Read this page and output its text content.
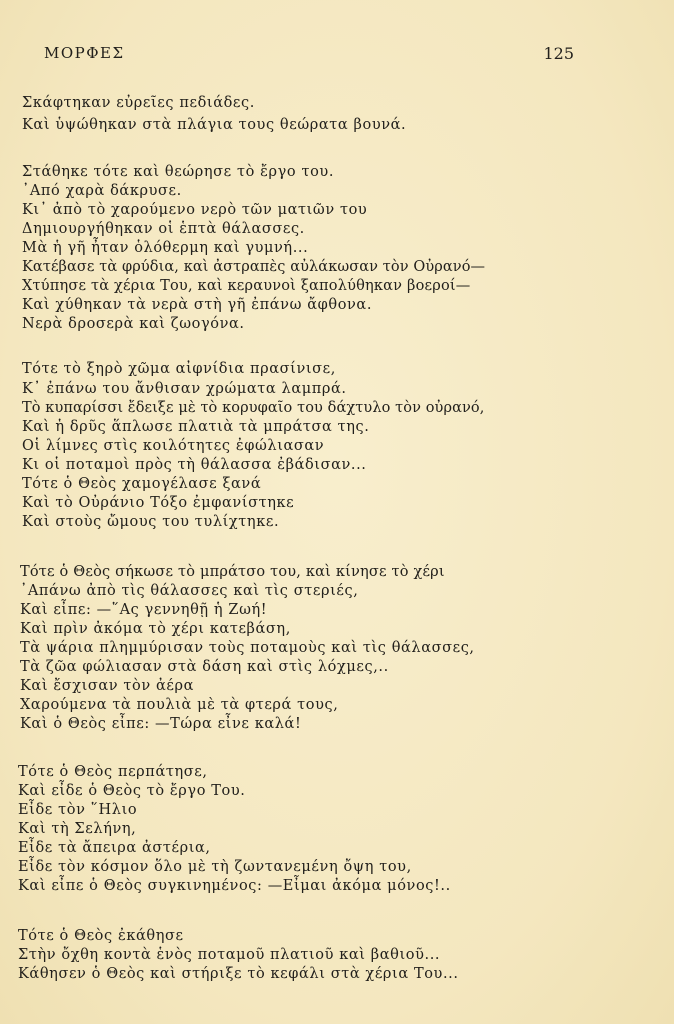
ΜΟΡΦΕΣ	125
Σκάφτηκαν εὐρεῖες πεδιάδες.
Καὶ ὑψώθηκαν στὰ πλάγια τους θεώρατα βουνά.
Στάθηκε τότε καὶ θεώρησε τὸ ἔργο του.
᾿Από χαρὰ δάκρυσε.
Κι᾿ ἀπὸ τὸ χαρούμενο νερὸ τῶν ματιῶν του
Δημιουργήθηκαν οἱ ἑπτὰ θάλασσες.
Μὰ ἡ γῆ ἦταν ὁλόθερμη καὶ γυμνή...
Κατέβασε τὰ φρύδια, καὶ ἀστραπὲς αὐλάκωσαν τὸν Οὐρανό—
Χτύπησε τὰ χέρια Του, καὶ κεραυνοὶ ξαπολύθηκαν βοεροί—
Καὶ χύθηκαν τὰ νερὰ στὴ γῆ ἐπάνω ἄφθονα.
Νερὰ δροσερὰ καὶ ζωογόνα.
Τότε τὸ ξηρὸ χῶμα αἰφνίδια πρασίνισε,
Κ᾿ ἐπάνω του ἄνθισαν χρώματα λαμπρά.
Τὸ κυπαρίσσι ἔδειξε μὲ τὸ κορυφαῖο του δάχτυλο τὸν οὐρανό,
Καὶ ἡ δρῦς ἅπλωσε πλατιὰ τὰ μπράτσα της.
Οἱ λίμνες στὶς κοιλότητες ἐφώλιασαν
Κι οἱ ποταμοὶ πρὸς τὴ θάλασσα ἐβάδισαν...
Τότε ὁ Θεὸς χαμογέλασε ξανά
Καὶ τὸ Οὐράνιο Τόξο ἐμφανίστηκε
Καὶ στοὺς ὤμους του τυλίχτηκε.
Τότε ὁ Θεὸς σήκωσε τὸ μπράτσο του, καὶ κίνησε τὸ χέρι
᾿Απάνω ἀπὸ τὶς θάλασσες καὶ τὶς στεριές,
Καὶ εἶπε: —῞Ας γεννηθῇ ἡ Ζωή!
Καὶ πρὶν ἀκόμα τὸ χέρι κατεβάση,
Τὰ ψάρια πλημμύρισαν τοὺς ποταμοὺς καὶ τὶς θάλασσες,
Τὰ ζῶα φώλιασαν στὰ δάση καὶ στὶς λόχμες,..
Καὶ ἔσχισαν τὸν ἀέρα
Χαρούμενα τὰ πουλιὰ μὲ τὰ φτερά τους,
Καὶ ὁ Θεὸς εἶπε: —Τώρα εἶνε καλά!
Τότε ὁ Θεὸς περπάτησε,
Καὶ εἶδε ὁ Θεὸς τὸ ἔργο Του.
Εἶδε τὸν ῞Ηλιο
Καὶ τὴ Σελήνη,
Εἶδε τὰ ἄπειρα ἀστέρια,
Εἶδε τὸν κόσμον ὅλο μὲ τὴ ζωντανεμένη ὄψη του,
Καὶ εἶπε ὁ Θεὸς συγκινημένος: —Εἶμαι ἀκόμα μόνος!..
Τότε ὁ Θεὸς ἐκάθησε
Στὴν ὄχθη κοντὰ ἑνὸς ποταμοῦ πλατιοῦ καὶ βαθιοῦ...
Κάθησεν ὁ Θεὸς καὶ στήριξε τὸ κεφάλι στὰ χέρια Του...
